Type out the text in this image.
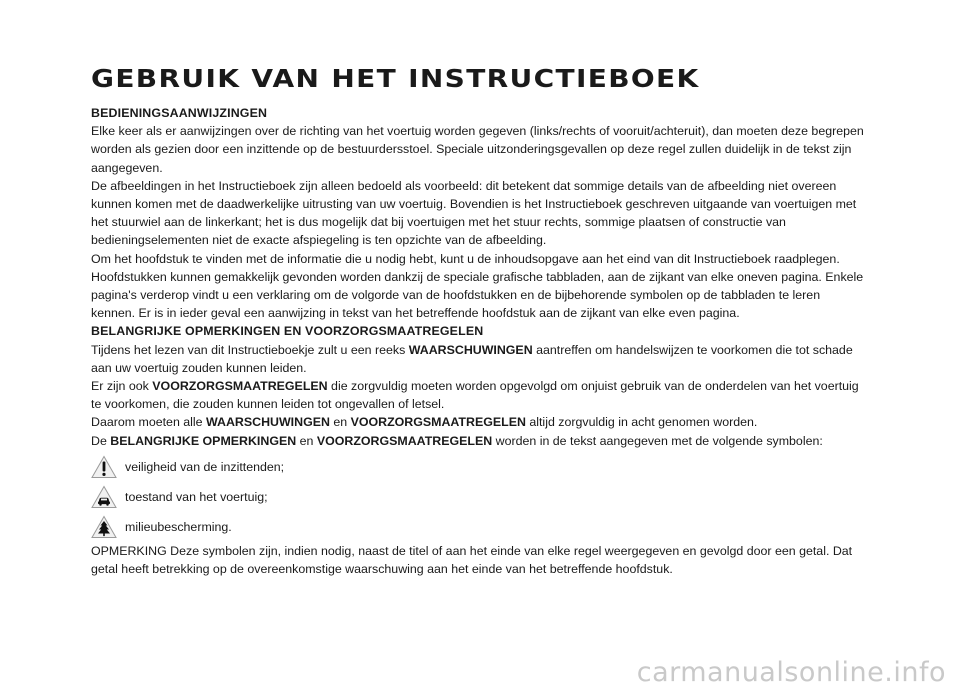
GEBRUIK VAN HET INSTRUCTIEBOEK
BEDIENINGSAANWIJZINGEN

Elke keer als er aanwijzingen over de richting van het voertuig worden gegeven (links/rechts of vooruit/achteruit), dan moeten deze begrepen worden als gezien door een inzittende op de bestuurdersstoel. Speciale uitzonderingsgevallen op deze regel zullen duidelijk in de tekst zijn aangegeven.

De afbeeldingen in het Instructieboek zijn alleen bedoeld als voorbeeld: dit betekent dat sommige details van de afbeelding niet overeen kunnen komen met de daadwerkelijke uitrusting van uw voertuig. Bovendien is het Instructieboek geschreven uitgaande van voertuigen met het stuurwiel aan de linkerkant; het is dus mogelijk dat bij voertuigen met het stuur rechts, sommige plaatsen of constructie van bedieningselementen niet de exacte afspiegeling is ten opzichte van de afbeelding.

Om het hoofdstuk te vinden met de informatie die u nodig hebt, kunt u de inhoudsopgave aan het eind van dit Instructieboek raadplegen.

Hoofdstukken kunnen gemakkelijk gevonden worden dankzij de speciale grafische tabbladen, aan de zijkant van elke oneven pagina. Enkele pagina's verderop vindt u een verklaring om de volgorde van de hoofdstukken en de bijbehorende symbolen op de tabbladen te leren kennen. Er is in ieder geval een aanwijzing in tekst van het betreffende hoofdstuk aan de zijkant van elke even pagina.

BELANGRIJKE OPMERKINGEN EN VOORZORGSMAATREGELEN

Tijdens het lezen van dit Instructieboekje zult u een reeks WAARSCHUWINGEN aantreffen om handelswijzen te voorkomen die tot schade aan uw voertuig zouden kunnen leiden.

Er zijn ook VOORZORGSMAATREGELEN die zorgvuldig moeten worden opgevolgd om onjuist gebruik van de onderdelen van het voertuig te voorkomen, die zouden kunnen leiden tot ongevallen of letsel.

Daarom moeten alle WAARSCHUWINGEN en VOORZORGSMAATREGELEN altijd zorgvuldig in acht genomen worden.

De BELANGRIJKE OPMERKINGEN en VOORZORGSMAATREGELEN worden in de tekst aangegeven met de volgende symbolen:

veiligheid van de inzittenden;
toestand van het voertuig;
milieubescherming.

OPMERKING Deze symbolen zijn, indien nodig, naast de titel of aan het einde van elke regel weergegeven en gevolgd door een getal. Dat getal heeft betrekking op de overeenkomstige waarschuwing aan het einde van het betreffende hoofdstuk.

carmanualsonline.info
